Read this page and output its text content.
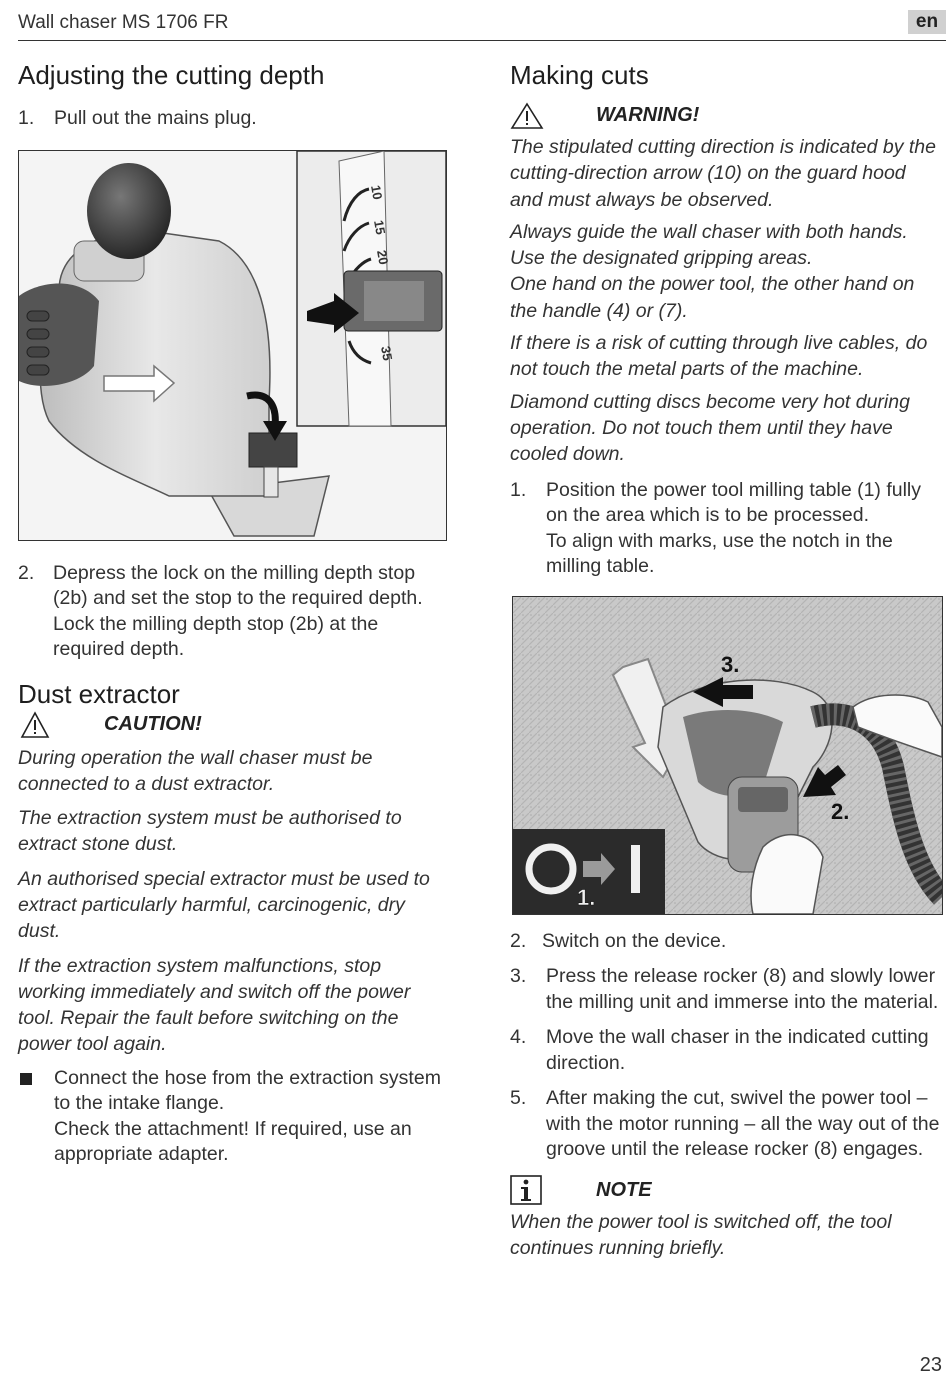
Wall chaser MS 1706 FR	en
Adjusting the cutting depth
1.	Pull out the mains plug.
10
15
20
35
2. Depress the lock on the milling depth stop (2b) and set the stop to the required depth. Lock the milling depth stop (2b) at the required depth.
Dust extractor
CAUTION!

During operation the wall chaser must be connected to a dust extractor.

The extraction system must be authorised to extract stone dust.

An authorised special extractor must be used to extract particularly harmful, carcinogenic, dry dust.

If the extraction system malfunctions, stop working immediately and switch off the power tool. Repair the fault before switching on the power tool again.

Connect the hose from the extraction system to the intake flange.
Check the attachment! If required, use an appropriate adapter.
Making cuts
WARNING!

The stipulated cutting direction is indicated by the cutting-direction arrow (10) on the guard hood and must always be observed.

Always guide the wall chaser with both hands. Use the designated gripping areas.

One hand on the power tool, the other hand on the handle (4) or (7).

If there is a risk of cutting through live cables, do not touch the metal parts of the machine.

Diamond cutting discs become very hot during operation. Do not touch them until they have cooled down.

1.	Position the power tool milling table (1) fully on the area which is to be processed.
To align with marks, use the notch in the milling table.
3.
2.
1.
2. Switch on the device.
3.	Press the release rocker (8) and slowly lower the milling unit and immerse into the material.
4.	Move the wall chaser in the indicated cutting direction.
5.	After making the cut, swivel the power tool – with the motor running – all the way out of the groove until the release rocker (8) engages.
NOTE

When the power tool is switched off, the tool continues running briefly.

23
